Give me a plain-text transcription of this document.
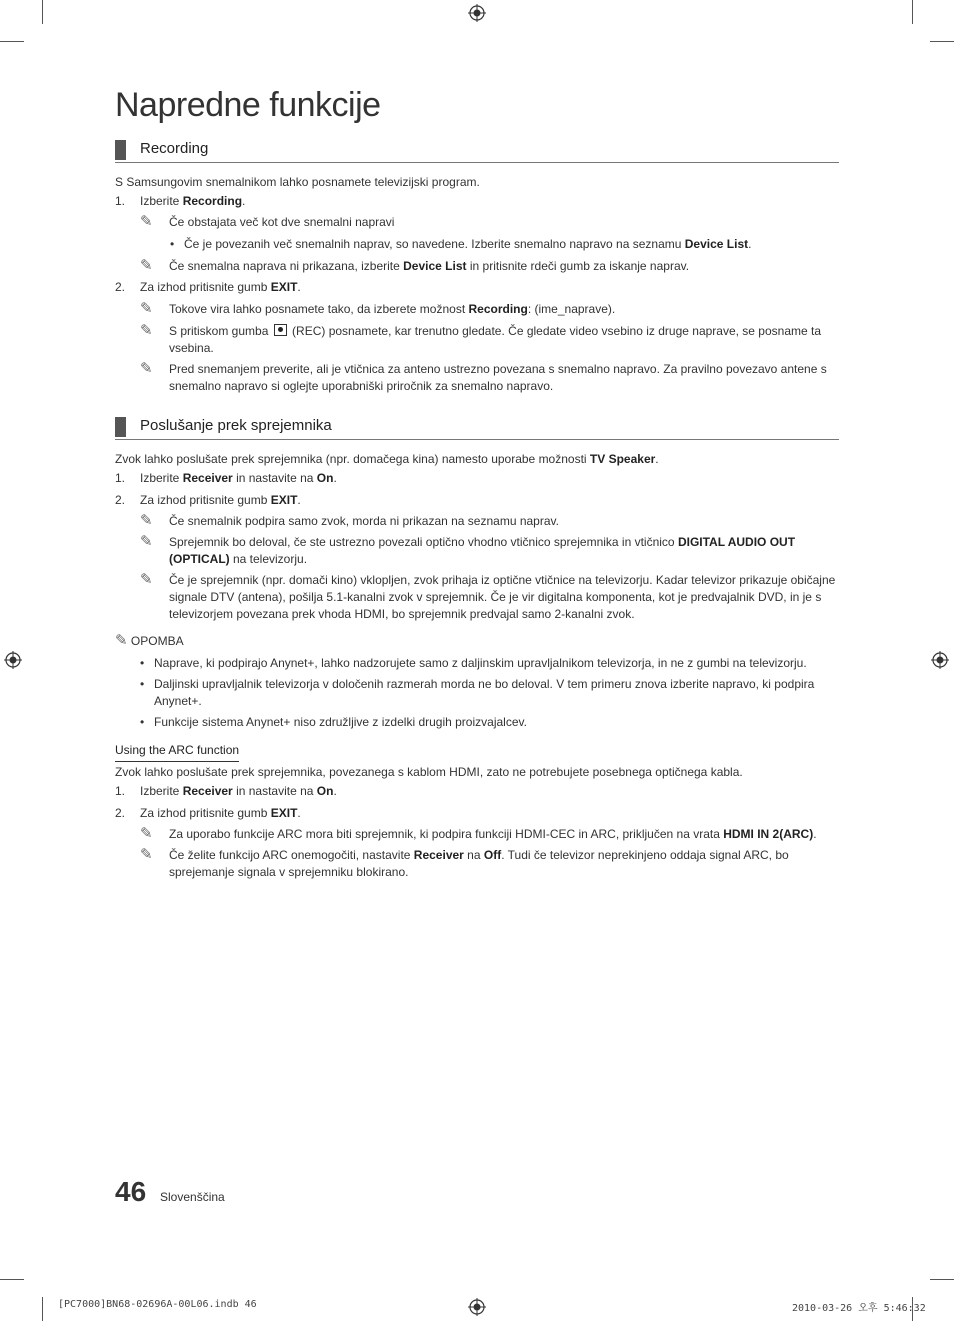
Napredne funkcije
Recording
S Samsungovim snemalnikom lahko posnamete televizijski program.
1. Izberite Recording.
✎ Če obstajata več kot dve snemalni napravi
• Če je povezanih več snemalnih naprav, so navedene. Izberite snemalno napravo na seznamu Device List.
✎ Če snemalna naprava ni prikazana, izberite Device List in pritisnite rdeči gumb za iskanje naprav.
2. Za izhod pritisnite gumb EXIT.
✎ Tokove vira lahko posnamete tako, da izberete možnost Recording: (ime_naprave).
✎ S pritiskom gumba  (REC) posnamete, kar trenutno gledate. Če gledate video vsebino iz druge naprave, se posname ta vsebina.
✎ Pred snemanjem preverite, ali je vtičnica za anteno ustrezno povezana s snemalno napravo. Za pravilno povezavo antene s snemalno napravo si oglejte uporabniški priročnik za snemalno napravo.
Poslušanje prek sprejemnika
Zvok lahko poslušate prek sprejemnika (npr. domačega kina) namesto uporabe možnosti TV Speaker.
1. Izberite Receiver in nastavite na On.
2. Za izhod pritisnite gumb EXIT.
✎ Če snemalnik podpira samo zvok, morda ni prikazan na seznamu naprav.
✎ Sprejemnik bo deloval, če ste ustrezno povezali optično vhodno vtičnico sprejemnika in vtičnico DIGITAL AUDIO OUT (OPTICAL) na televizorju.
✎ Če je sprejemnik (npr. domači kino) vklopljen, zvok prihaja iz optične vtičnice na televizorju. Kadar televizor prikazuje običajne signale DTV (antena), pošilja 5.1-kanalni zvok v sprejemnik. Če je vir digitalna komponenta, kot je predvajalnik DVD, in je s televizorjem povezana prek vhoda HDMI, bo sprejemnik predvajal samo 2-kanalni zvok.
✎ OPOMBA
• Naprave, ki podpirajo Anynet+, lahko nadzorujete samo z daljinskim upravljalnikom televizorja, in ne z gumbi na televizorju.
• Daljinski upravljalnik televizorja v določenih razmerah morda ne bo deloval. V tem primeru znova izberite napravo, ki podpira Anynet+.
• Funkcije sistema Anynet+ niso združljive z izdelki drugih proizvajalcev.
Using the ARC function
Zvok lahko poslušate prek sprejemnika, povezanega s kablom HDMI, zato ne potrebujete posebnega optičnega kabla.
1. Izberite Receiver in nastavite na On.
2. Za izhod pritisnite gumb EXIT.
✎ Za uporabo funkcije ARC mora biti sprejemnik, ki podpira funkciji HDMI-CEC in ARC, priključen na vrata HDMI IN 2(ARC).
✎ Če želite funkcijo ARC onemogočiti, nastavite Receiver na Off. Tudi če televizor neprekinjeno oddaja signal ARC, bo sprejemanje signala v sprejemniku blokirano.
46 Slovenščina
[PC7000]BN68-02696A-00L06.indb 46	2010-03-26 오후 5:46:32
